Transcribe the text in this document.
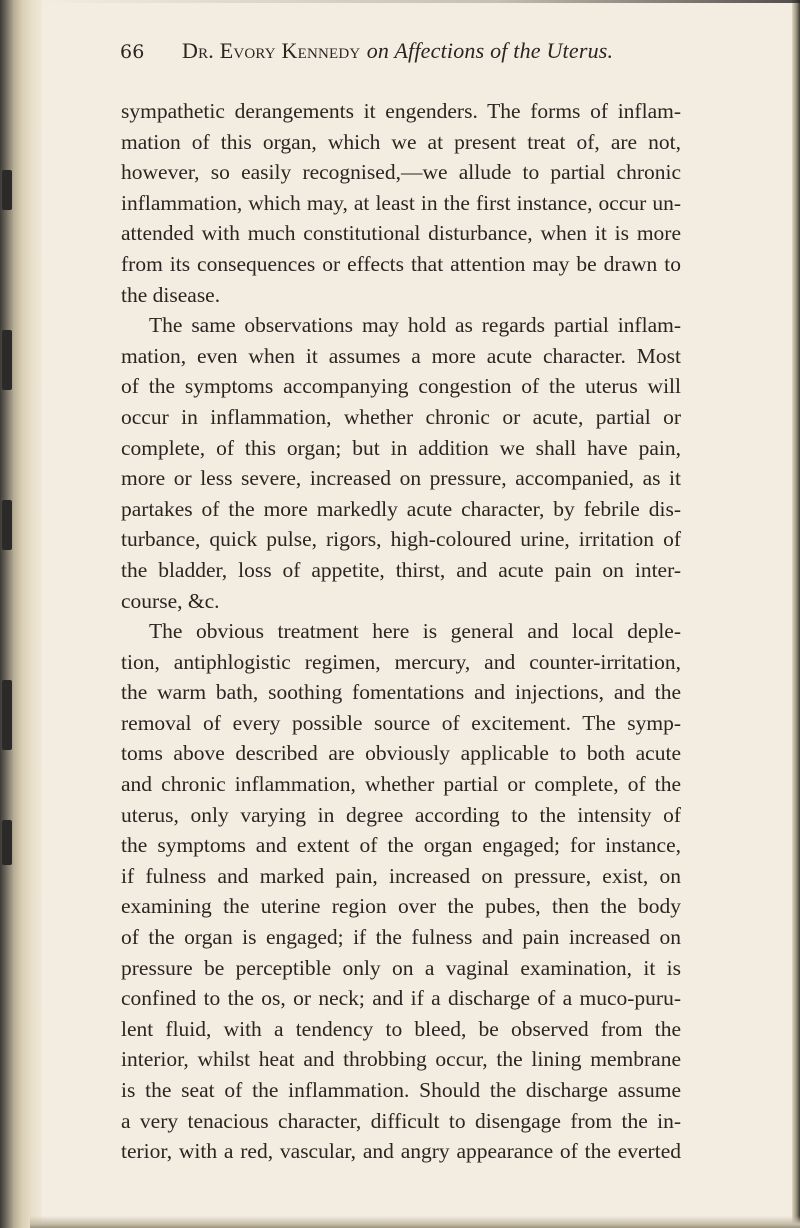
66 Dr. Evory Kennedy on Affections of the Uterus.
sympathetic derangements it engenders. The forms of inflam-
mation of this organ, which we at present treat of, are not,
however, so easily recognised,—we allude to partial chronic
inflammation, which may, at least in the first instance, occur un-
attended with much constitutional disturbance, when it is more
from its consequences or effects that attention may be drawn to
the disease.
The same observations may hold as regards partial inflam-
mation, even when it assumes a more acute character. Most
of the symptoms accompanying congestion of the uterus will
occur in inflammation, whether chronic or acute, partial or
complete, of this organ; but in addition we shall have pain,
more or less severe, increased on pressure, accompanied, as it
partakes of the more markedly acute character, by febrile dis-
turbance, quick pulse, rigors, high-coloured urine, irritation of
the bladder, loss of appetite, thirst, and acute pain on inter-
course, &c.
The obvious treatment here is general and local deple-
tion, antiphlogistic regimen, mercury, and counter-irritation,
the warm bath, soothing fomentations and injections, and the
removal of every possible source of excitement. The symp-
toms above described are obviously applicable to both acute
and chronic inflammation, whether partial or complete, of the
uterus, only varying in degree according to the intensity of
the symptoms and extent of the organ engaged; for instance,
if fulness and marked pain, increased on pressure, exist, on
examining the uterine region over the pubes, then the body
of the organ is engaged; if the fulness and pain increased on
pressure be perceptible only on a vaginal examination, it is
confined to the os, or neck; and if a discharge of a muco-puru-
lent fluid, with a tendency to bleed, be observed from the
interior, whilst heat and throbbing occur, the lining membrane
is the seat of the inflammation. Should the discharge assume
a very tenacious character, difficult to disengage from the in-
terior, with a red, vascular, and angry appearance of the everted
